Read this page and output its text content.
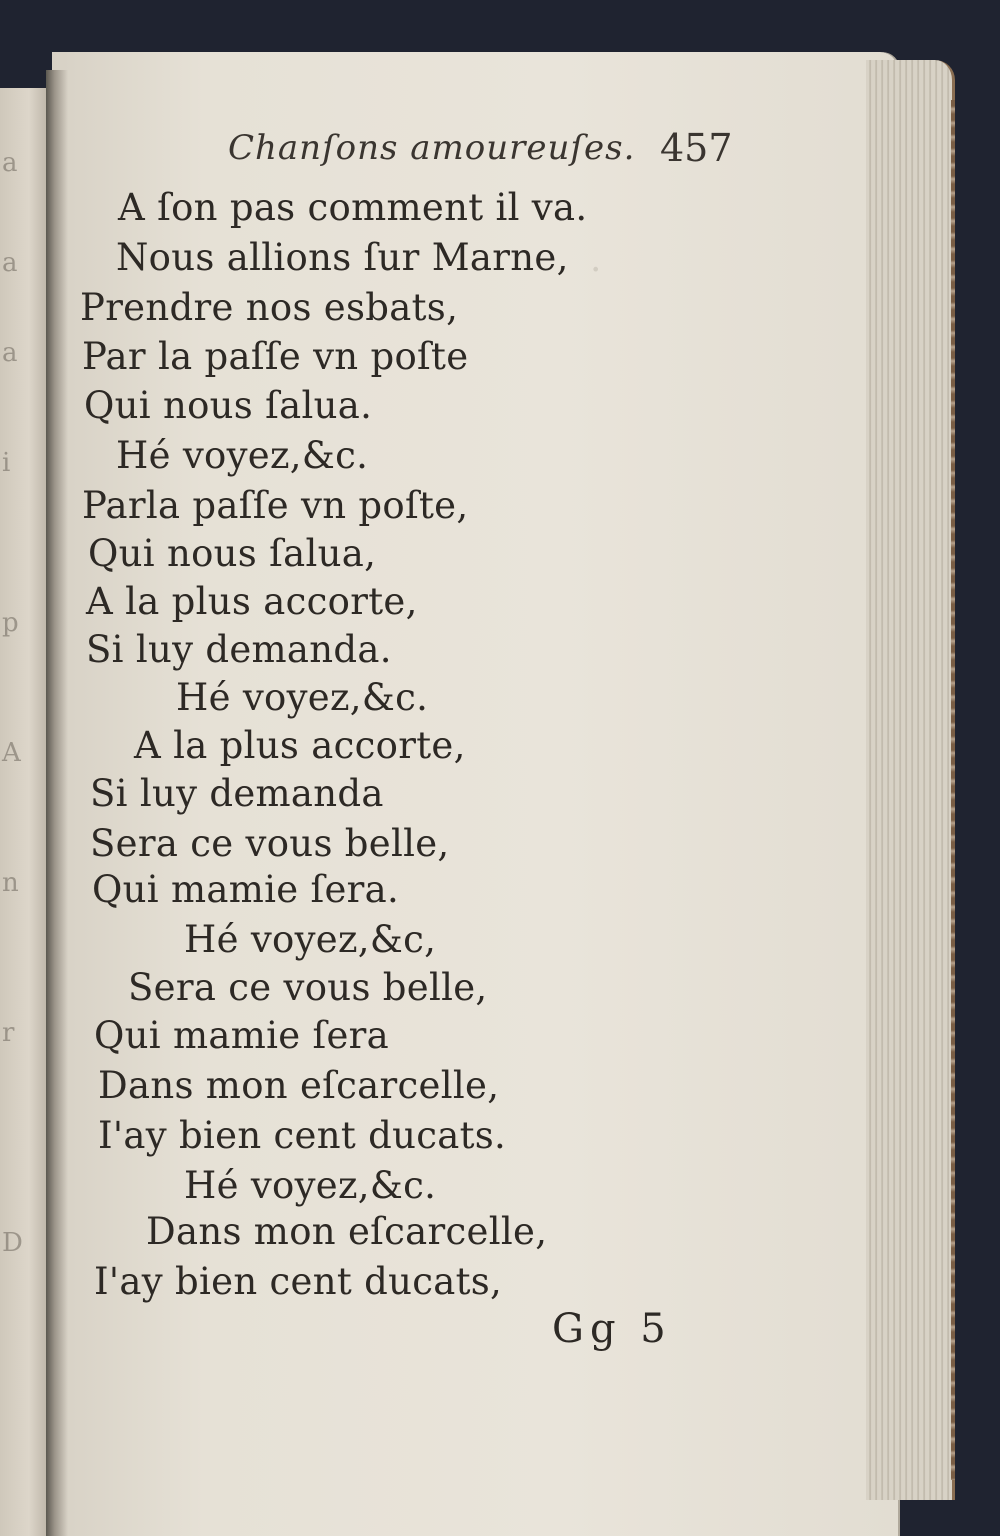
a
a
a
i
p
A
n
r
D
·
Chanſons amoureuſes. 457
A ſon pas comment il va.
Nous allions ſur Marne,
Prendre nos esbats,
Par la paſſe vn poſte
Qui nous ſalua.
Hé voyez,&c.
Parla paſſe vn poſte,
Qui nous ſalua,
A la plus accorte,
Si luy demanda.
Hé voyez,&c.
A la plus accorte,
Si luy demanda
Sera ce vous belle,
Qui mamie ſera.
Hé voyez,&c,
Sera ce vous belle,
Qui mamie ſera
Dans mon eſcarcelle,
I'ay bien cent ducats.
Hé voyez,&c.
Dans mon eſcarcelle,
I'ay bien cent ducats,
Gg 5
